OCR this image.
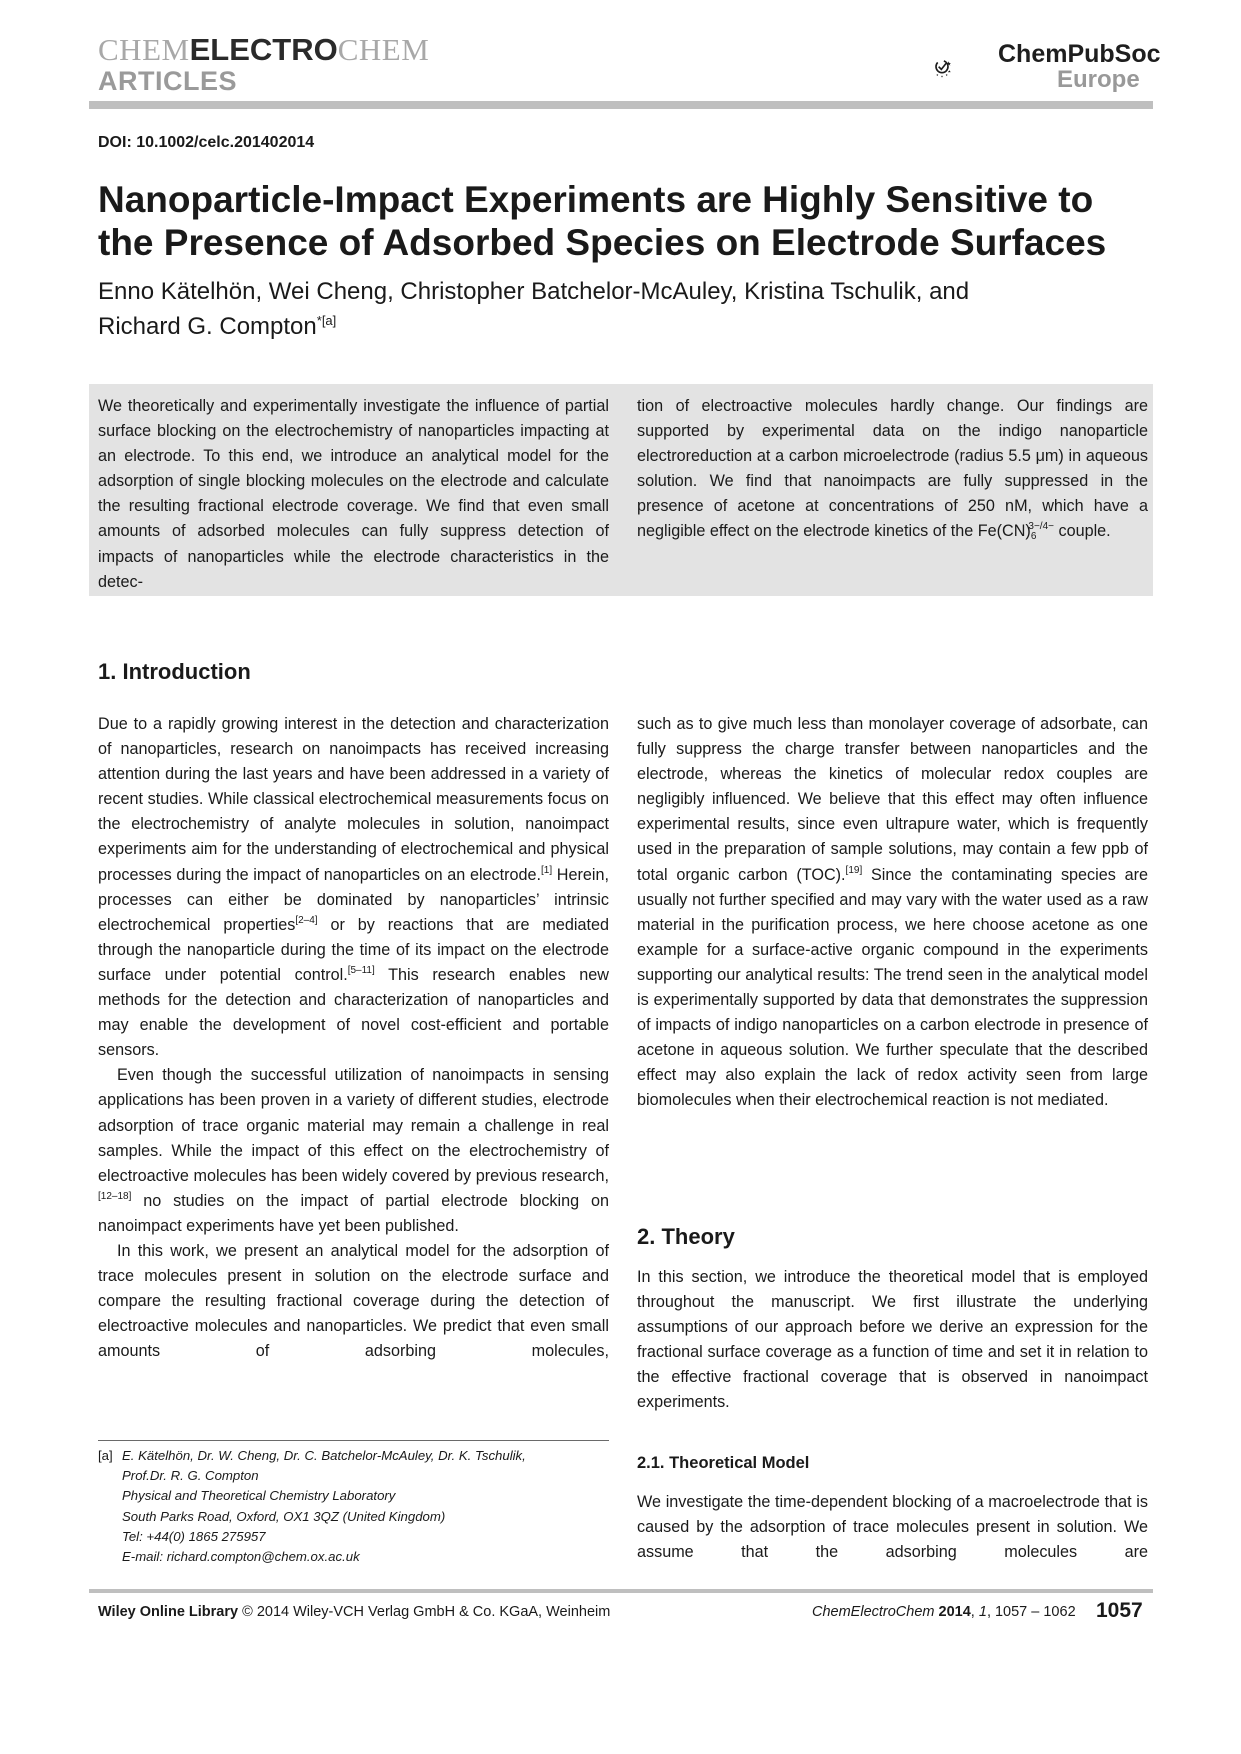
CHEMELECTROCHEM
ARTICLES
ChemPubSoc
Europe
DOI: 10.1002/celc.201402014
Nanoparticle-Impact Experiments are Highly Sensitive to the Presence of Adsorbed Species on Electrode Surfaces
Enno Kätelhön, Wei Cheng, Christopher Batchelor-McAuley, Kristina Tschulik, and
Richard G. Compton$^{*[a]}$

We theoretically and experimentally investigate the influence of partial surface blocking on the electrochemistry of nanoparticles impacting at an electrode. To this end, we introduce an analytical model for the adsorption of single blocking molecules on the electrode and calculate the resulting fractional electrode coverage. We find that even small amounts of adsorbed molecules can fully suppress detection of impacts of nanoparticles while the electrode characteristics in the detec-

tion of electroactive molecules hardly change. Our findings are supported by experimental data on the indigo nanoparticle electroreduction at a carbon microelectrode (radius 5.5 μm) in aqueous solution. We find that nanoimpacts are fully suppressed in the presence of acetone at concentrations of 250 nM, which have a negligible effect on the electrode kinetics of the $Fe(CN)_6^{3-/4-}$ couple.

1. Introduction

Due to a rapidly growing interest in the detection and characterization of nanoparticles, research on nanoimpacts has received increasing attention during the last years and have been addressed in a variety of recent studies. While classical electrochemical measurements focus on the electrochemistry of analyte molecules in solution, nanoimpact experiments aim for the understanding of electrochemical and physical processes during the impact of nanoparticles on an electrode.[1] Herein, processes can either be dominated by nanoparticles’ intrinsic electrochemical properties[2–4] or by reactions that are mediated through the nanoparticle during the time of its impact on the electrode surface under potential control.[5–11] This research enables new methods for the detection and characterization of nanoparticles and may enable the development of novel cost-efficient and portable sensors.

Even though the successful utilization of nanoimpacts in sensing applications has been proven in a variety of different studies, electrode adsorption of trace organic material may remain a challenge in real samples. While the impact of this effect on the electrochemistry of electroactive molecules has been widely covered by previous research,[12–18] no studies on the impact of partial electrode blocking on nanoimpact experiments have yet been published.

In this work, we present an analytical model for the adsorption of trace molecules present in solution on the electrode surface and compare the resulting fractional coverage during the detection of electroactive molecules and nanoparticles. We predict that even small amounts of adsorbing molecules,

such as to give much less than monolayer coverage of adsorbate, can fully suppress the charge transfer between nanoparticles and the electrode, whereas the kinetics of molecular redox couples are negligibly influenced. We believe that this effect may often influence experimental results, since even ultrapure water, which is frequently used in the preparation of sample solutions, may contain a few ppb of total organic carbon (TOC).[19] Since the contaminating species are usually not further specified and may vary with the water used as a raw material in the purification process, we here choose acetone as one example for a surface-active organic compound in the experiments supporting our analytical results: The trend seen in the analytical model is experimentally supported by data that demonstrates the suppression of impacts of indigo nanoparticles on a carbon electrode in presence of acetone in aqueous solution. We further speculate that the described effect may also explain the lack of redox activity seen from large biomolecules when their electrochemical reaction is not mediated.

2. Theory

In this section, we introduce the theoretical model that is employed throughout the manuscript. We first illustrate the underlying assumptions of our approach before we derive an expression for the fractional surface coverage as a function of time and set it in relation to the effective fractional coverage that is observed in nanoimpact experiments.

2.1. Theoretical Model

We investigate the time-dependent blocking of a macroelectrode that is caused by the adsorption of trace molecules present in solution. We assume that the adsorbing molecules are

[a] E. Kätelhön, Dr. W. Cheng, Dr. C. Batchelor-McAuley, Dr. K. Tschulik,
Prof.Dr. R. G. Compton
Physical and Theoretical Chemistry Laboratory
South Parks Road, Oxford, OX1 3QZ (United Kingdom)
Tel: +44(0) 1865 275957
E-mail: richard.compton@chem.ox.ac.uk
Wiley Online Library © 2014 Wiley-VCH Verlag GmbH & Co. KGaA, Weinheim	ChemElectroChem 2014, 1, 1057 – 1062 1057
